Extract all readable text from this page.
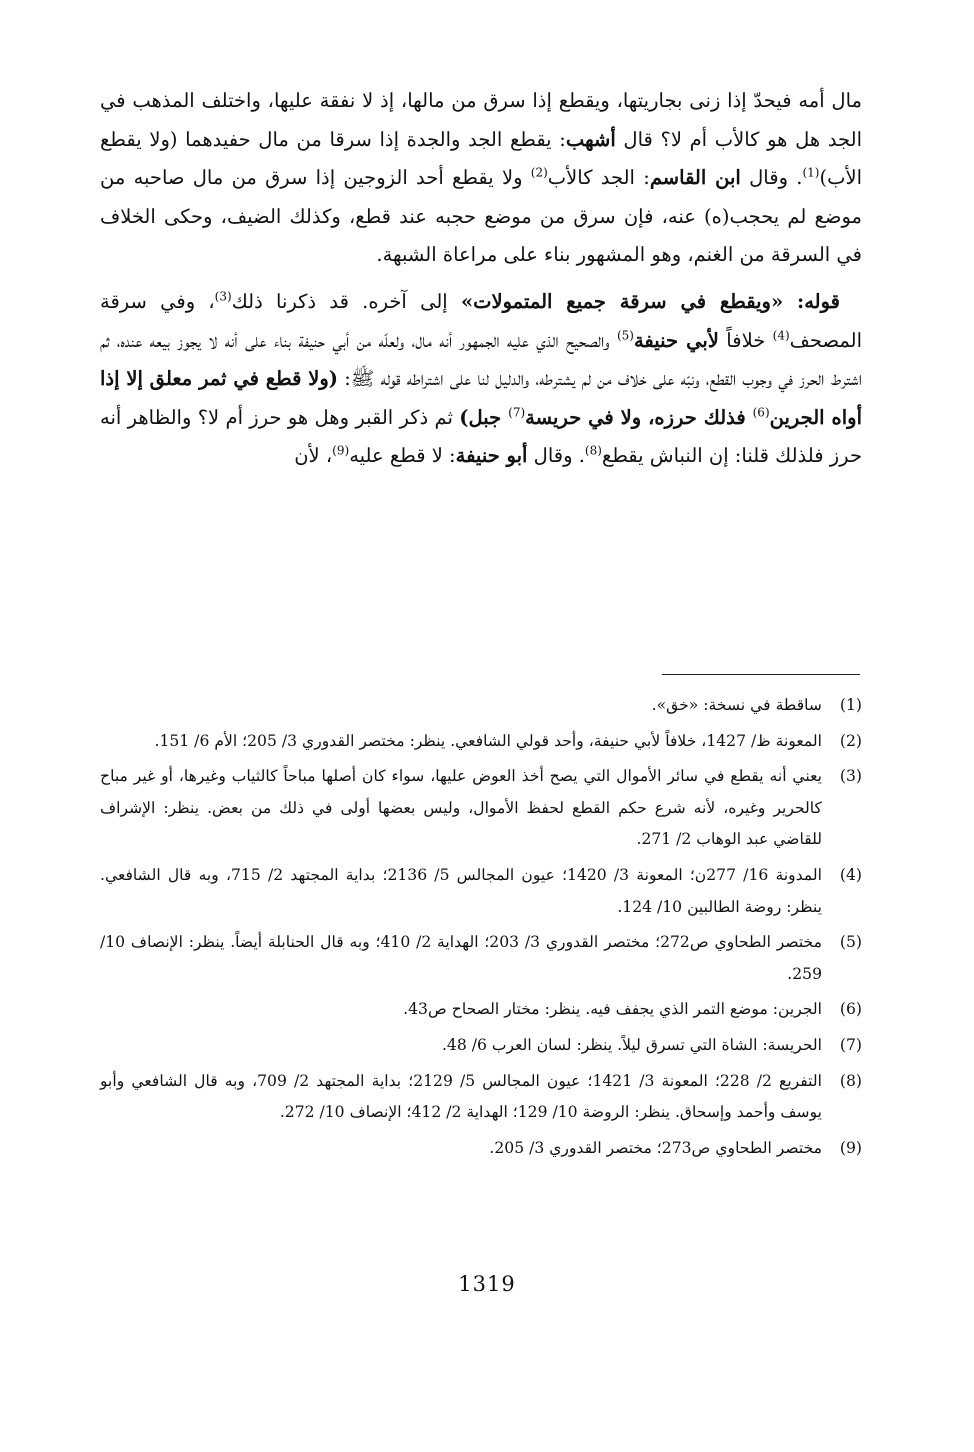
مال أمه فيحدّ إذا زنى بجاريتها، ويقطع إذا سرق من مالها، إذ لا نفقة عليها، واختلف المذهب في الجد هل هو كالأب أم لا؟ قال أشهب: يقطع الجد والجدة إذا سرقا من مال حفيدهما (ولا يقطع الأب)$^{(1)}$. وقال ابن القاسم: الجد كالأب$^{(2)}$ ولا يقطع أحد الزوجين إذا سرق من مال صاحبه من موضع لم يحجب(ه) عنه، فإن سرق من موضع حجبه عند قطع، وكذلك الضيف، وحكى الخلاف في السرقة من الغنم، وهو المشهور بناء على مراعاة الشبهة.

قوله: «ويقطع في سرقة جميع المتمولات» إلى آخره. قد ذكرنا ذلك$^{(3)}$، وفي سرقة المصحف$^{(4)}$ خلافاً لأبي حنيفة$^{(5)}$ والصحيح الذي عليه الجمهور أنه مال، ولعلّه من أبي حنيفة بناء على أنه لا يجوز بيعه عنده، ثم اشترط الحرز في وجوب القطع، ونبّه على خلاف من لم يشترطه، والدليل لنا على اشتراطه قوله ﷺ: (ولا قطع في ثمر معلق إلا إذا أواه الجرين$^{(6)}$ فذلك حرزه، ولا في حريسة$^{(7)}$ جبل) ثم ذكر القبر وهل هو حرز أم لا؟ والظاهر أنه حرز فلذلك قلنا: إن النباش يقطع$^{(8)}$. وقال أبو حنيفة: لا قطع عليه$^{(9)}$، لأن

(1)
ساقطة في نسخة: «خق».
(2)
المعونة ظ/ 1427، خلافاً لأبي حنيفة، وأحد قولي الشافعي. ينظر: مختصر القدوري 3/ 205؛ الأم 6/ 151.
(3)
يعني أنه يقطع في سائر الأموال التي يصح أخذ العوض عليها، سواء كان أصلها مباحاً كالثياب وغيرها، أو غير مباح كالحرير وغيره، لأنه شرع حكم القطع لحفظ الأموال، وليس بعضها أولى في ذلك من بعض. ينظر: الإشراف للقاضي عبد الوهاب 2/ 271.
(4)
المدونة 16/ 277ن؛ المعونة 3/ 1420؛ عيون المجالس 5/ 2136؛ بداية المجتهد 2/ 715، وبه قال الشافعي. ينظر: روضة الطالبين 10/ 124.
(5)
مختصر الطحاوي ص272؛ مختصر القدوري 3/ 203؛ الهداية 2/ 410؛ وبه قال الحنابلة أيضاً. ينظر: الإنصاف 10/ 259.
(6)
الجرين: موضع التمر الذي يجفف فيه. ينظر: مختار الصحاح ص43.
(7)
الحريسة: الشاة التي تسرق ليلاً. ينظر: لسان العرب 6/ 48.
(8)
التفريع 2/ 228؛ المعونة 3/ 1421؛ عيون المجالس 5/ 2129؛ بداية المجتهد 2/ 709، وبه قال الشافعي وأبو يوسف وأحمد وإسحاق. ينظر: الروضة 10/ 129؛ الهداية 2/ 412؛ الإنصاف 10/ 272.
(9)
مختصر الطحاوي ص273؛ مختصر القدوري 3/ 205.
1319
